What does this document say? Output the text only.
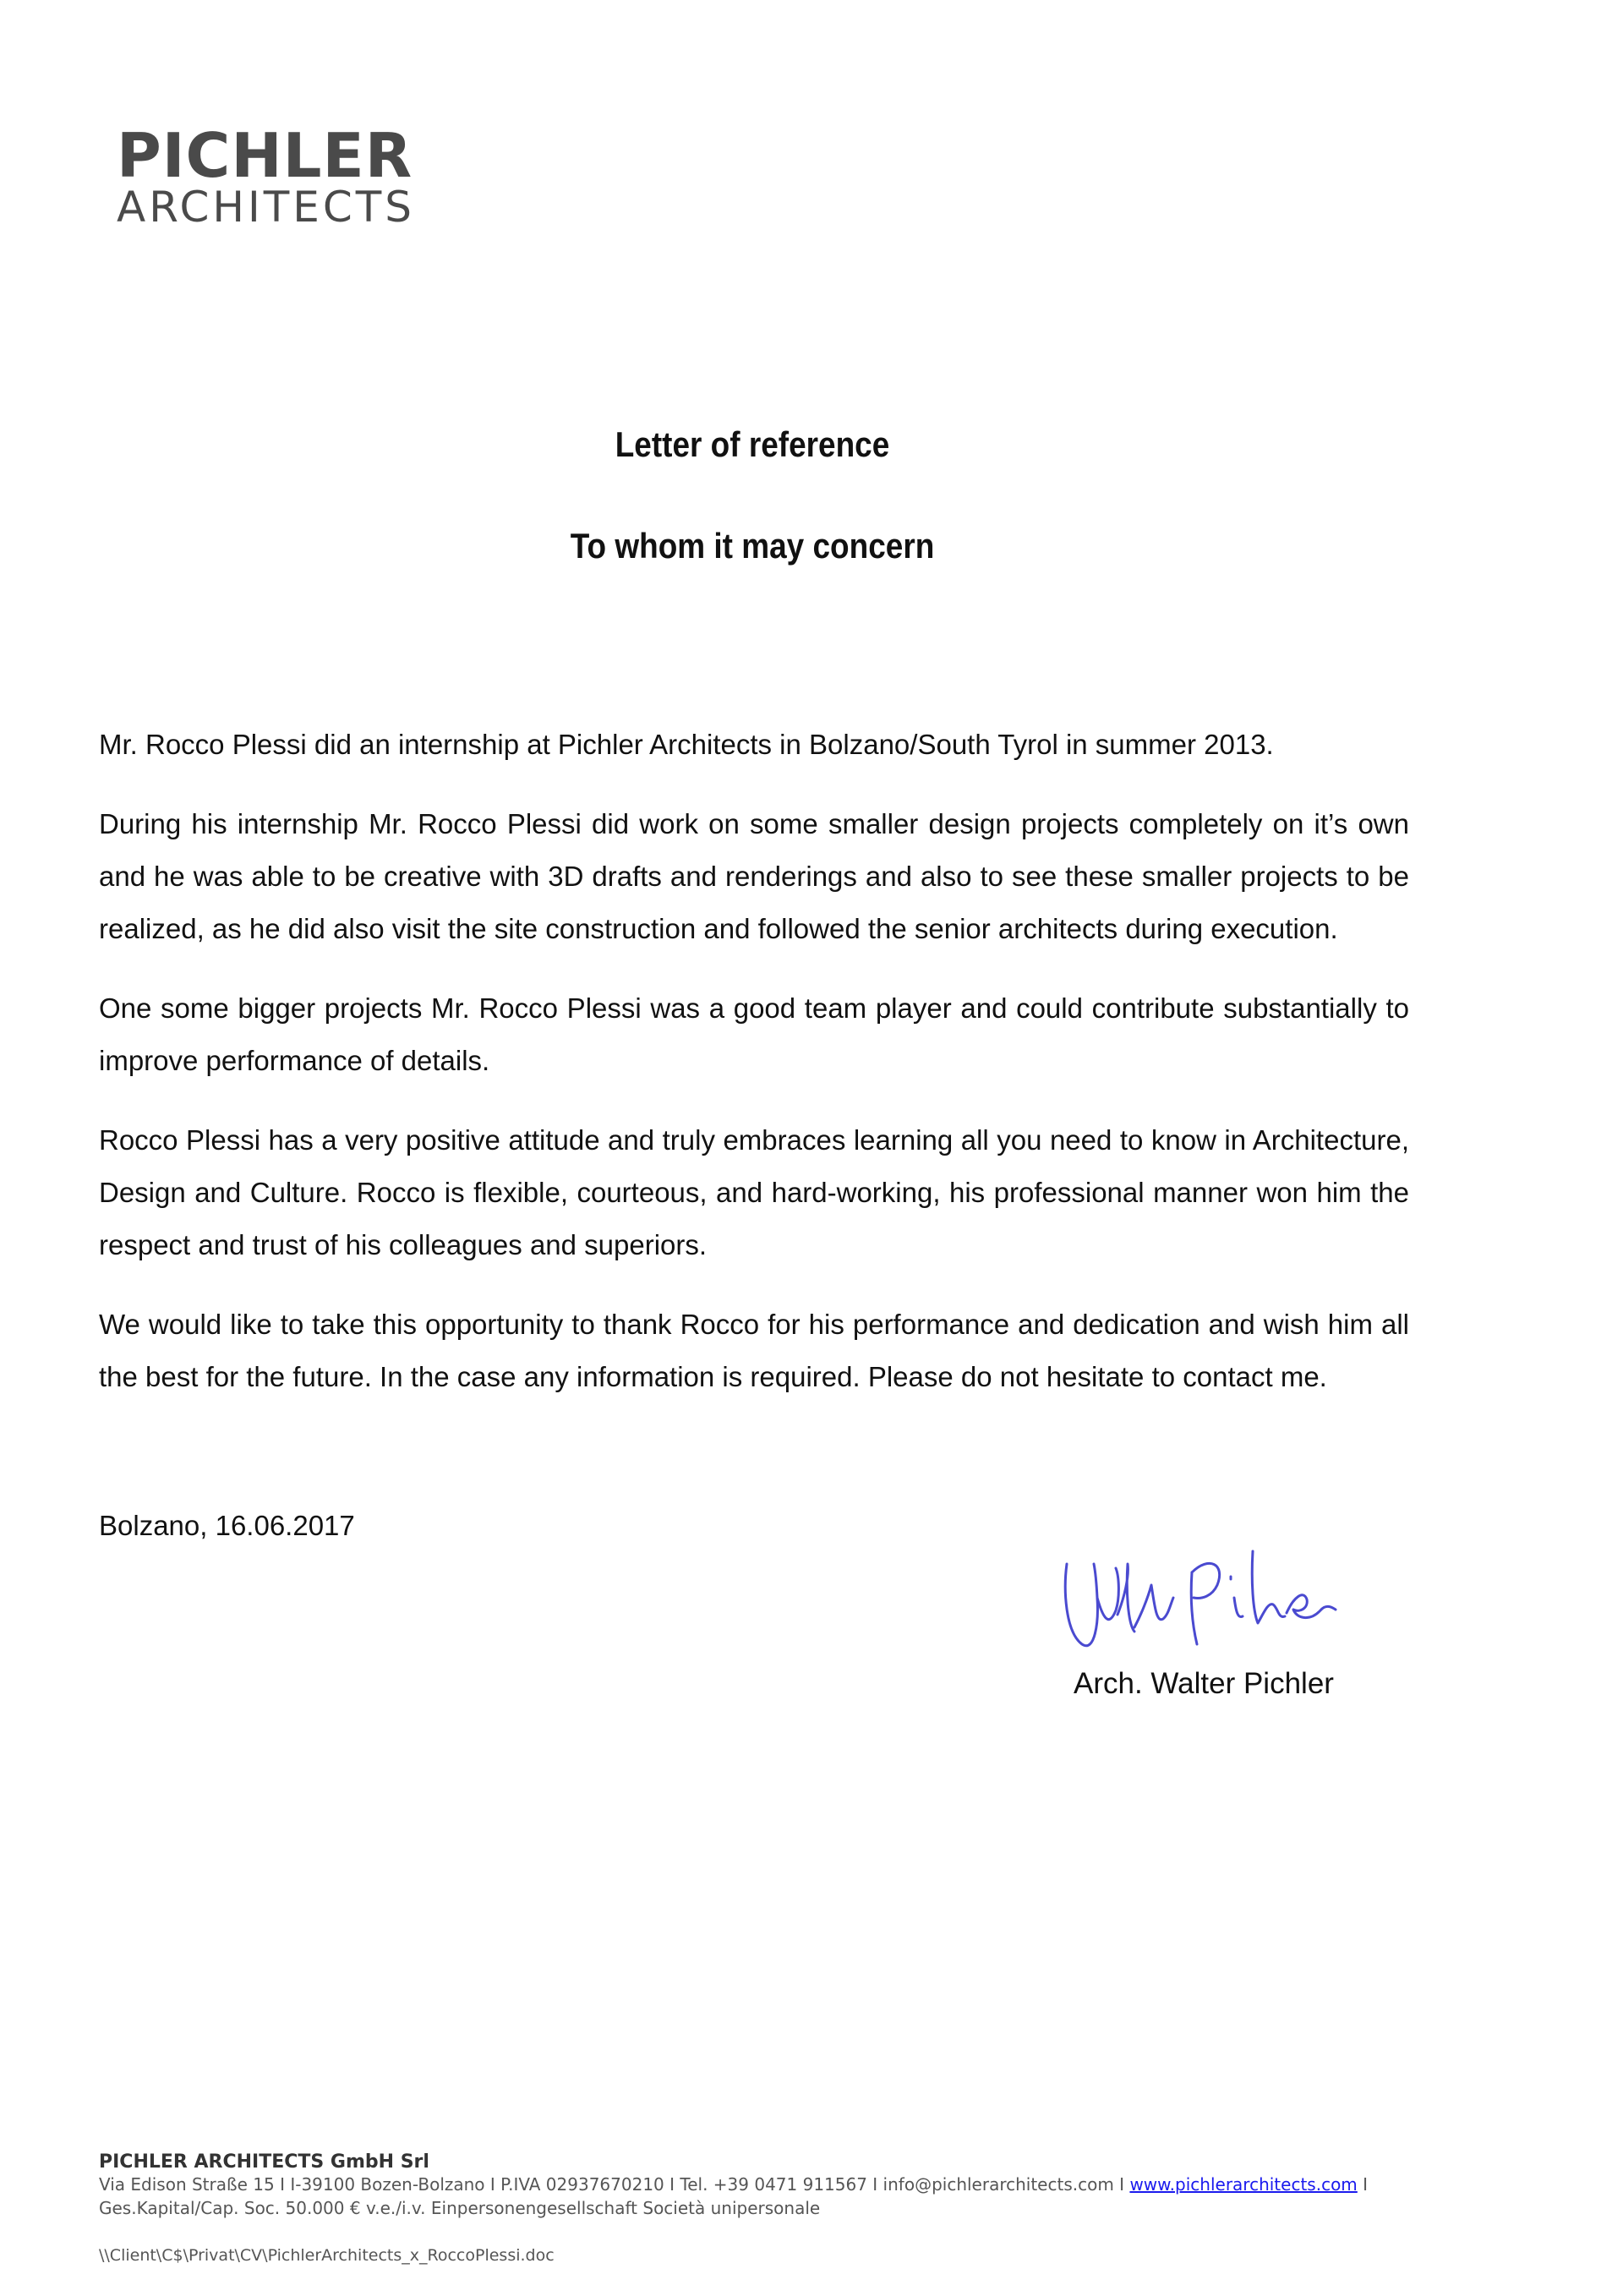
PICHLER
ARCHITECTS
Letter of reference
To whom it may concern

Mr. Rocco Plessi did an internship at Pichler Architects in Bolzano/South Tyrol in summer 2013.

During his internship Mr. Rocco Plessi did work on some smaller design projects completely on it’s own and he was able to be creative with 3D drafts and renderings and also to see these smaller projects to be realized, as he did also visit the site construction and followed the senior architects during execution.

One some bigger projects Mr. Rocco Plessi was a good team player and could contribute substantially to improve performance of details.

Rocco Plessi has a very positive attitude and truly embraces learning all you need to know in Architecture, Design and Culture. Rocco is flexible, courteous, and hard-working, his professional manner won him the respect and trust of his colleagues and superiors.

We would like to take this opportunity to thank Rocco for his performance and dedication and wish him all the best for the future. In the case any information is required. Please do not hesitate to contact me.

Bolzano, 16.06.2017
Arch. Walter Pichler
PICHLER ARCHITECTS GmbH Srl
Via Edison Straße 15 I I-39100 Bozen-Bolzano I P.IVA 02937670210 I Tel. +39 0471 911567 I info@pichlerarchitects.com I www.pichlerarchitects.com I
Ges.Kapital/Cap. Soc. 50.000 € v.e./i.v. Einpersonengesellschaft Società unipersonale
\\Client\C$\Privat\CV\PichlerArchitects_x_RoccoPlessi.doc
